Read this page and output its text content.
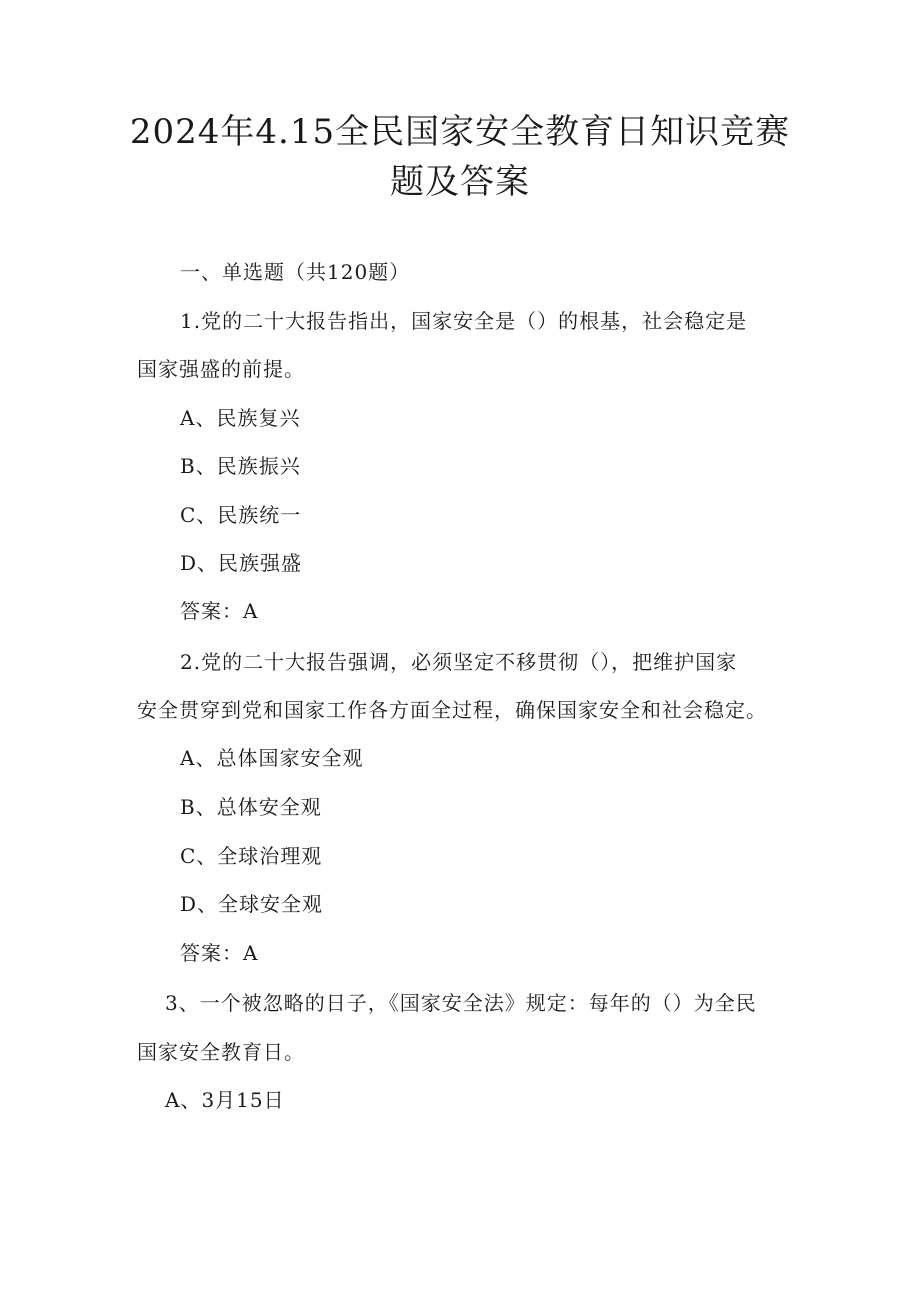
2024年4.15全民国家安全教育日知识竞赛
题及答案
一、单选题（共120题）
1.党的二十大报告指出，国家安全是（）的根基，社会稳定是
国家强盛的前提。
A、民族复兴
B、民族振兴
C、民族统一
D、民族强盛
答案：A
2.党的二十大报告强调，必须坚定不移贯彻（），把维护国家
安全贯穿到党和国家工作各方面全过程，确保国家安全和社会稳定。
A、总体国家安全观
B、总体安全观
C、全球治理观
D、全球安全观
答案：A
3、一个被忽略的日子，《国家安全法》规定：每年的（）为全民
国家安全教育日。
A、3月15日
